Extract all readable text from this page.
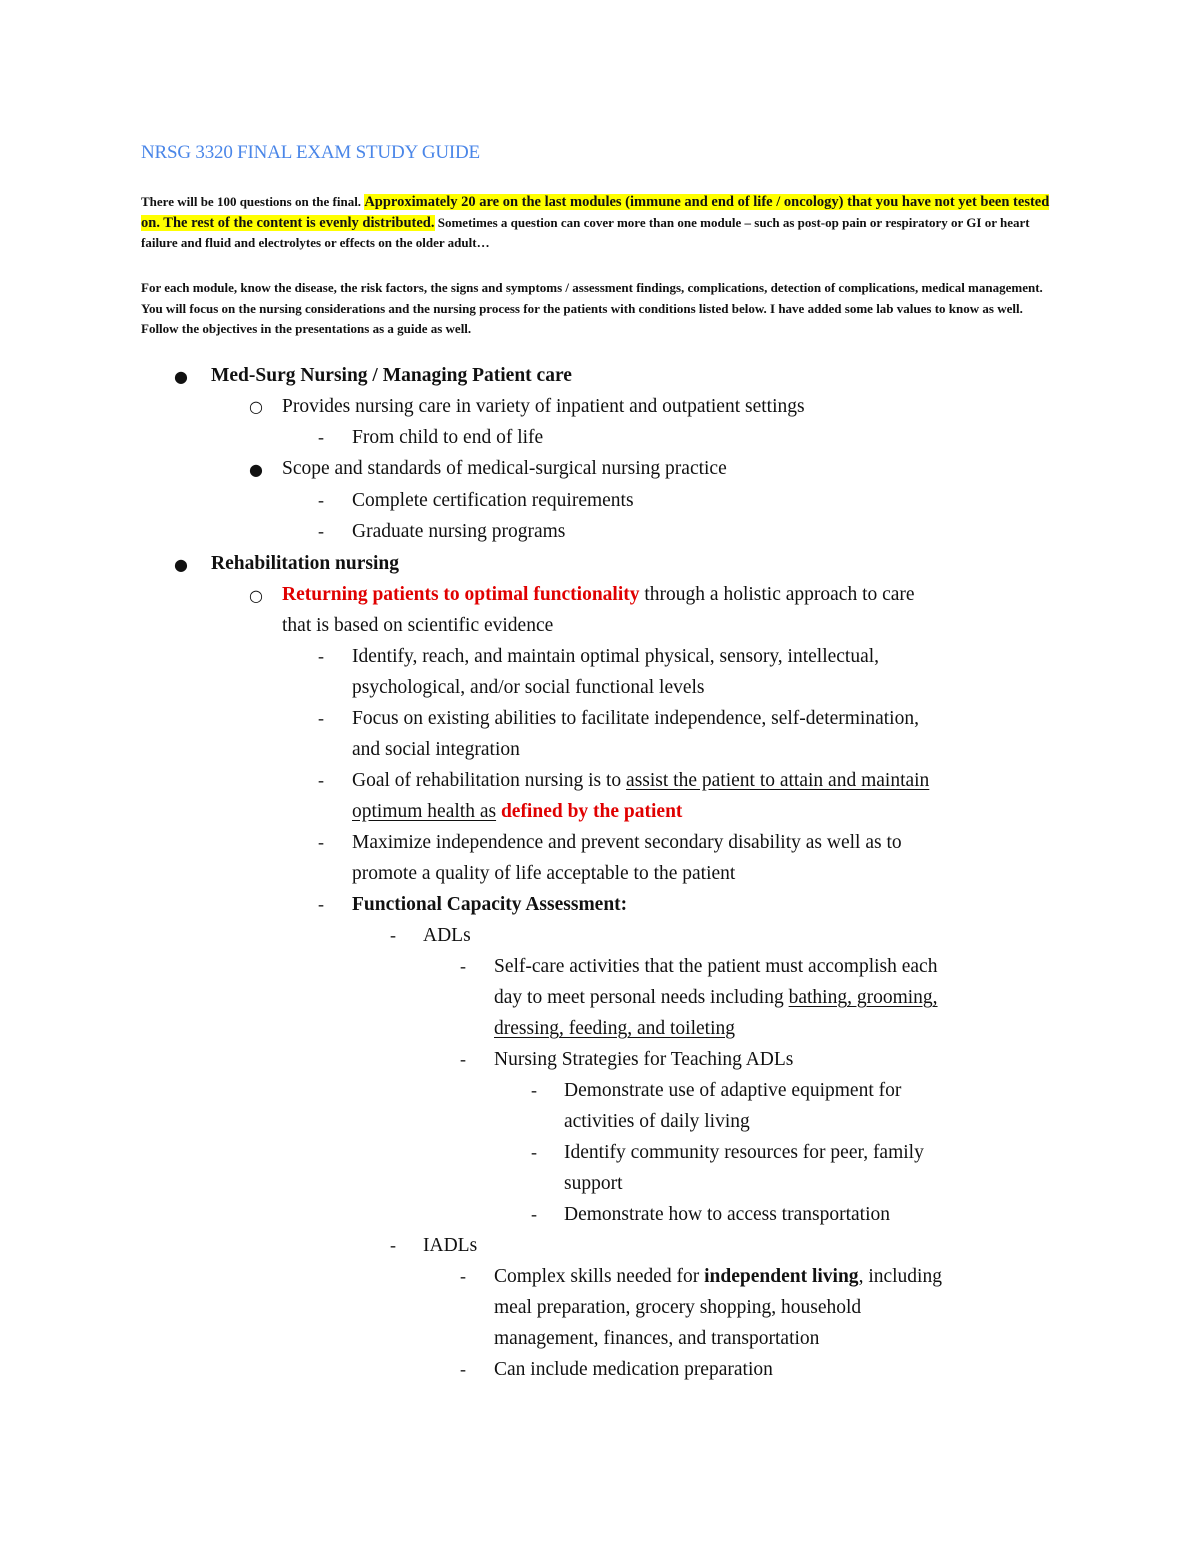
NRSG 3320 FINAL EXAM STUDY GUIDE
There will be 100 questions on the final. Approximately 20 are on the last modules (immune and end of life / oncology) that you have not yet been tested on. The rest of the content is evenly distributed. Sometimes a question can cover more than one module – such as post-op pain or respiratory or GI or heart failure and fluid and electrolytes or effects on the older adult…
For each module, know the disease, the risk factors, the signs and symptoms / assessment findings, complications, detection of complications, medical management. You will focus on the nursing considerations and the nursing process for the patients with conditions listed below. I have added some lab values to know as well. Follow the objectives in the presentations as a guide as well.
● Med-Surg Nursing / Managing Patient care
○ Provides nursing care in variety of inpatient and outpatient settings
- From child to end of life
● Scope and standards of medical-surgical nursing practice
- Complete certification requirements
- Graduate nursing programs
● Rehabilitation nursing
○ Returning patients to optimal functionality through a holistic approach to care
that is based on scientific evidence
- Identify, reach, and maintain optimal physical, sensory, intellectual,
psychological, and/or social functional levels
- Focus on existing abilities to facilitate independence, self-determination,
and social integration
- Goal of rehabilitation nursing is to assist the patient to attain and maintain
optimum health as defined by the patient
- Maximize independence and prevent secondary disability as well as to
promote a quality of life acceptable to the patient
- Functional Capacity Assessment:
- ADLs
- Self-care activities that the patient must accomplish each
day to meet personal needs including bathing, grooming,
dressing, feeding, and toileting
- Nursing Strategies for Teaching ADLs
- Demonstrate use of adaptive equipment for
activities of daily living
- Identify community resources for peer, family
support
- Demonstrate how to access transportation
- IADLs
- Complex skills needed for independent living, including
meal preparation, grocery shopping, household
management, finances, and transportation
- Can include medication preparation
